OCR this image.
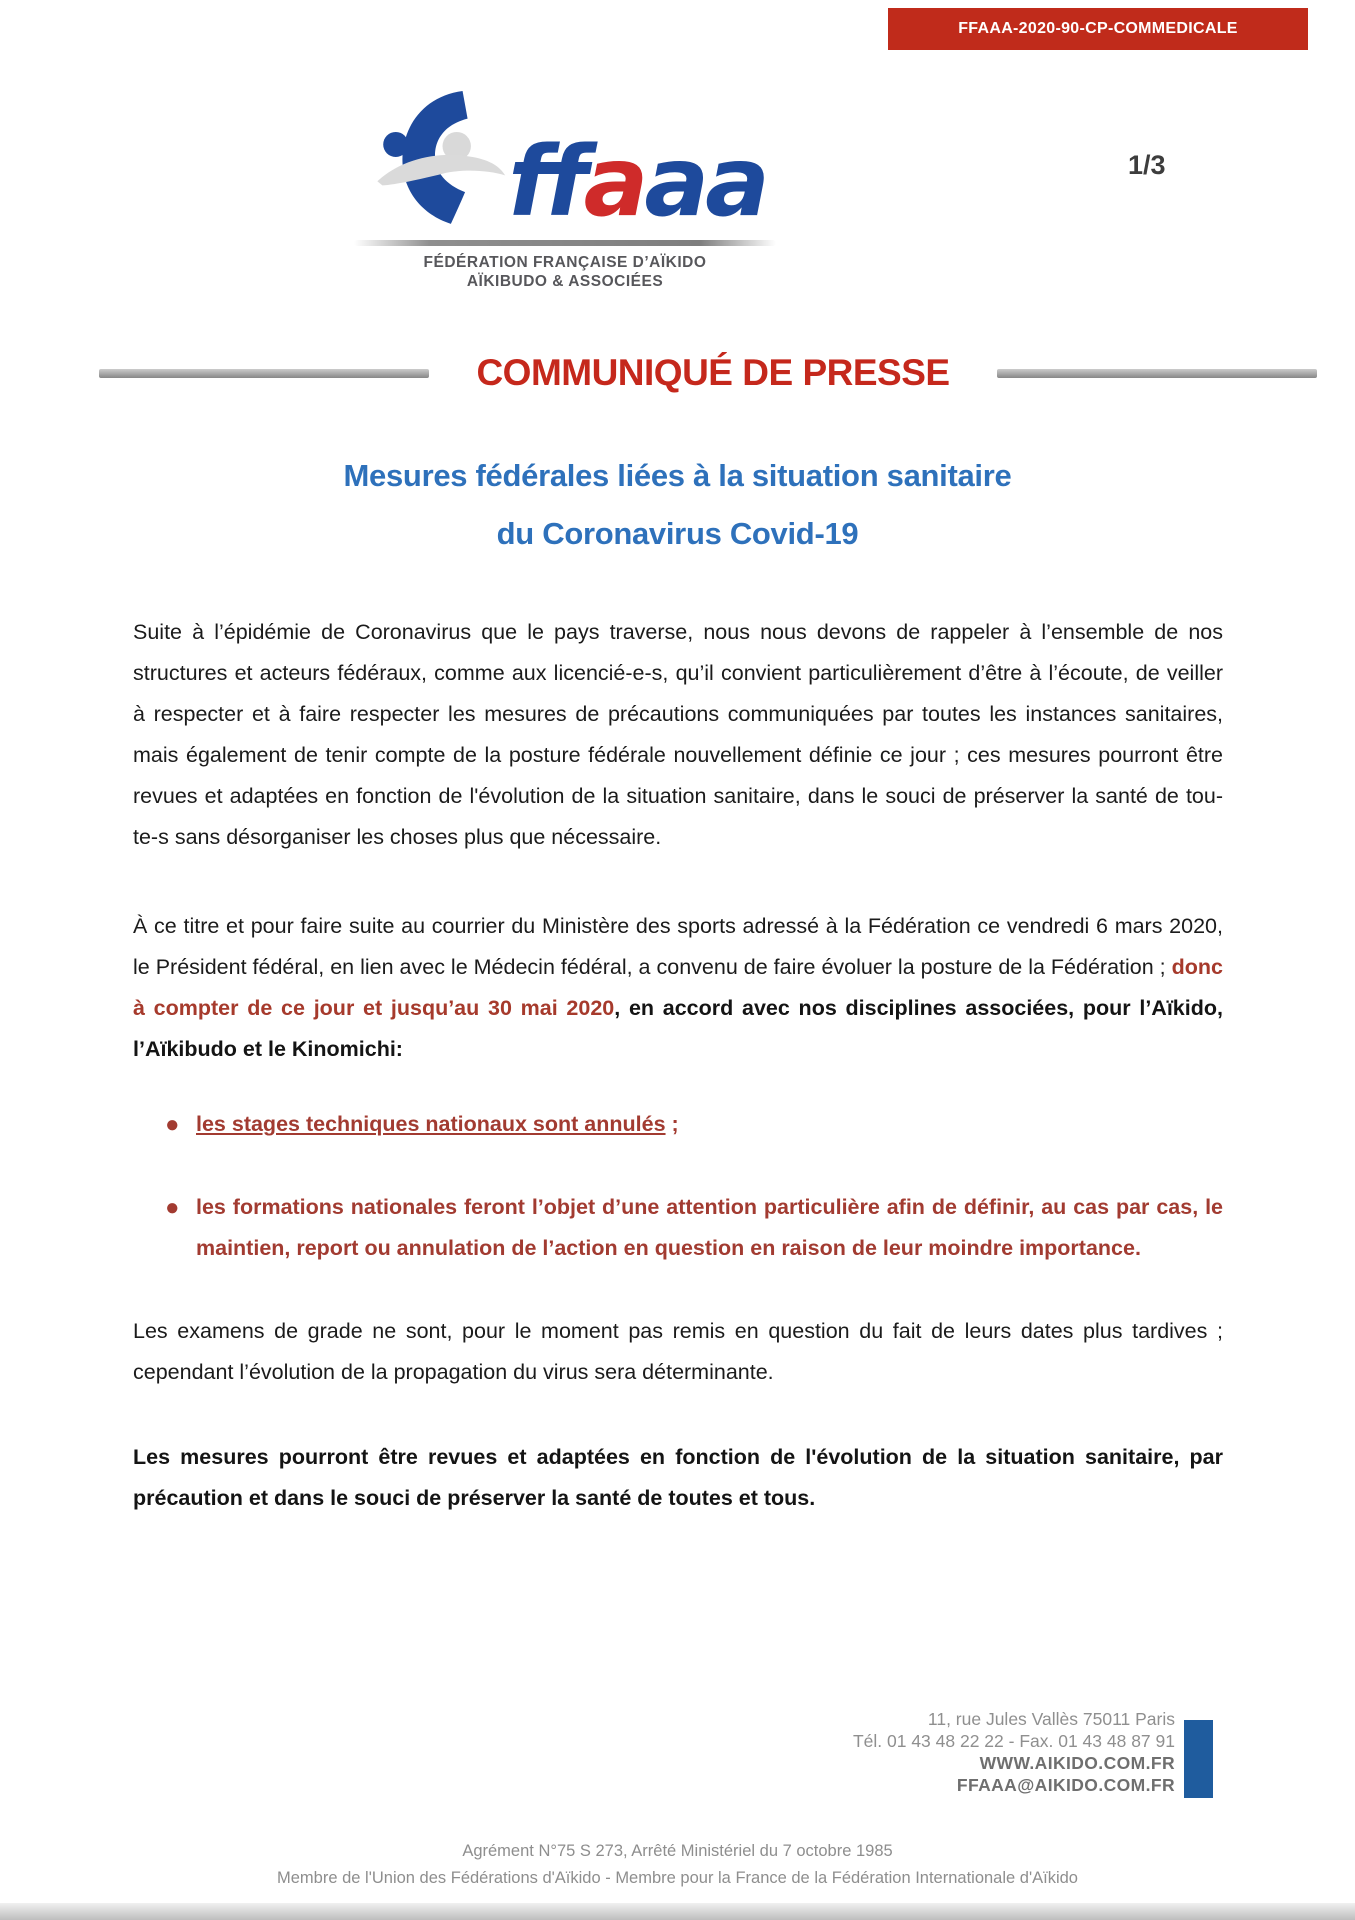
FFAAA-2020-90-CP-COMMEDICALE
1/3
ffaaa
FÉDÉRATION FRANÇAISE D’AÏKIDO
AÏKIBUDO & ASSOCIÉES
COMMUNIQUÉ DE PRESSE
Mesures fédérales liées à la situation sanitaire
du Coronavirus Covid-19

Suite à l’épidémie de Coronavirus que le pays traverse, nous nous devons de rappeler à l’ensemble de nos structures et acteurs fédéraux, comme aux licencié-e-s, qu’il convient particulièrement d’être à l’écoute, de veiller à respecter et à faire respecter les mesures de précautions communiquées par toutes les instances sanitaires, mais également de tenir compte de la posture fédérale nouvellement définie ce jour ; ces mesures pourront être revues et adaptées en fonction de l'évolution de la situation sanitaire, dans le souci de préserver la santé de tou-te-s sans désorganiser les choses plus que nécessaire.

À ce titre et pour faire suite au courrier du Ministère des sports adressé à la Fédération ce vendredi 6 mars 2020, le Président fédéral, en lien avec le Médecin fédéral, a convenu de faire évoluer la posture de la Fédération ; donc à compter de ce jour et jusqu’au 30 mai 2020, en accord avec nos disciplines associées, pour l’Aïkido, l’Aïkibudo et le Kinomichi:

● les stages techniques nationaux sont annulés ;
● les formations nationales feront l’objet d’une attention particulière afin de définir, au cas par cas, le maintien, report ou annulation de l’action en question en raison de leur moindre importance.

Les examens de grade ne sont, pour le moment pas remis en question du fait de leurs dates plus tardives ; cependant l’évolution de la propagation du virus sera déterminante.

Les mesures pourront être revues et adaptées en fonction de l'évolution de la situation sanitaire, par précaution et dans le souci de préserver la santé de toutes et tous.

11, rue Jules Vallès 75011 Paris
Tél. 01 43 48 22 22 - Fax. 01 43 48 87 91
WWW.AIKIDO.COM.FR
FFAAA@AIKIDO.COM.FR
Agrément N°75 S 273, Arrêté Ministériel du 7 octobre 1985
Membre de l'Union des Fédérations d'Aïkido - Membre pour la France de la Fédération Internationale d'Aïkido
